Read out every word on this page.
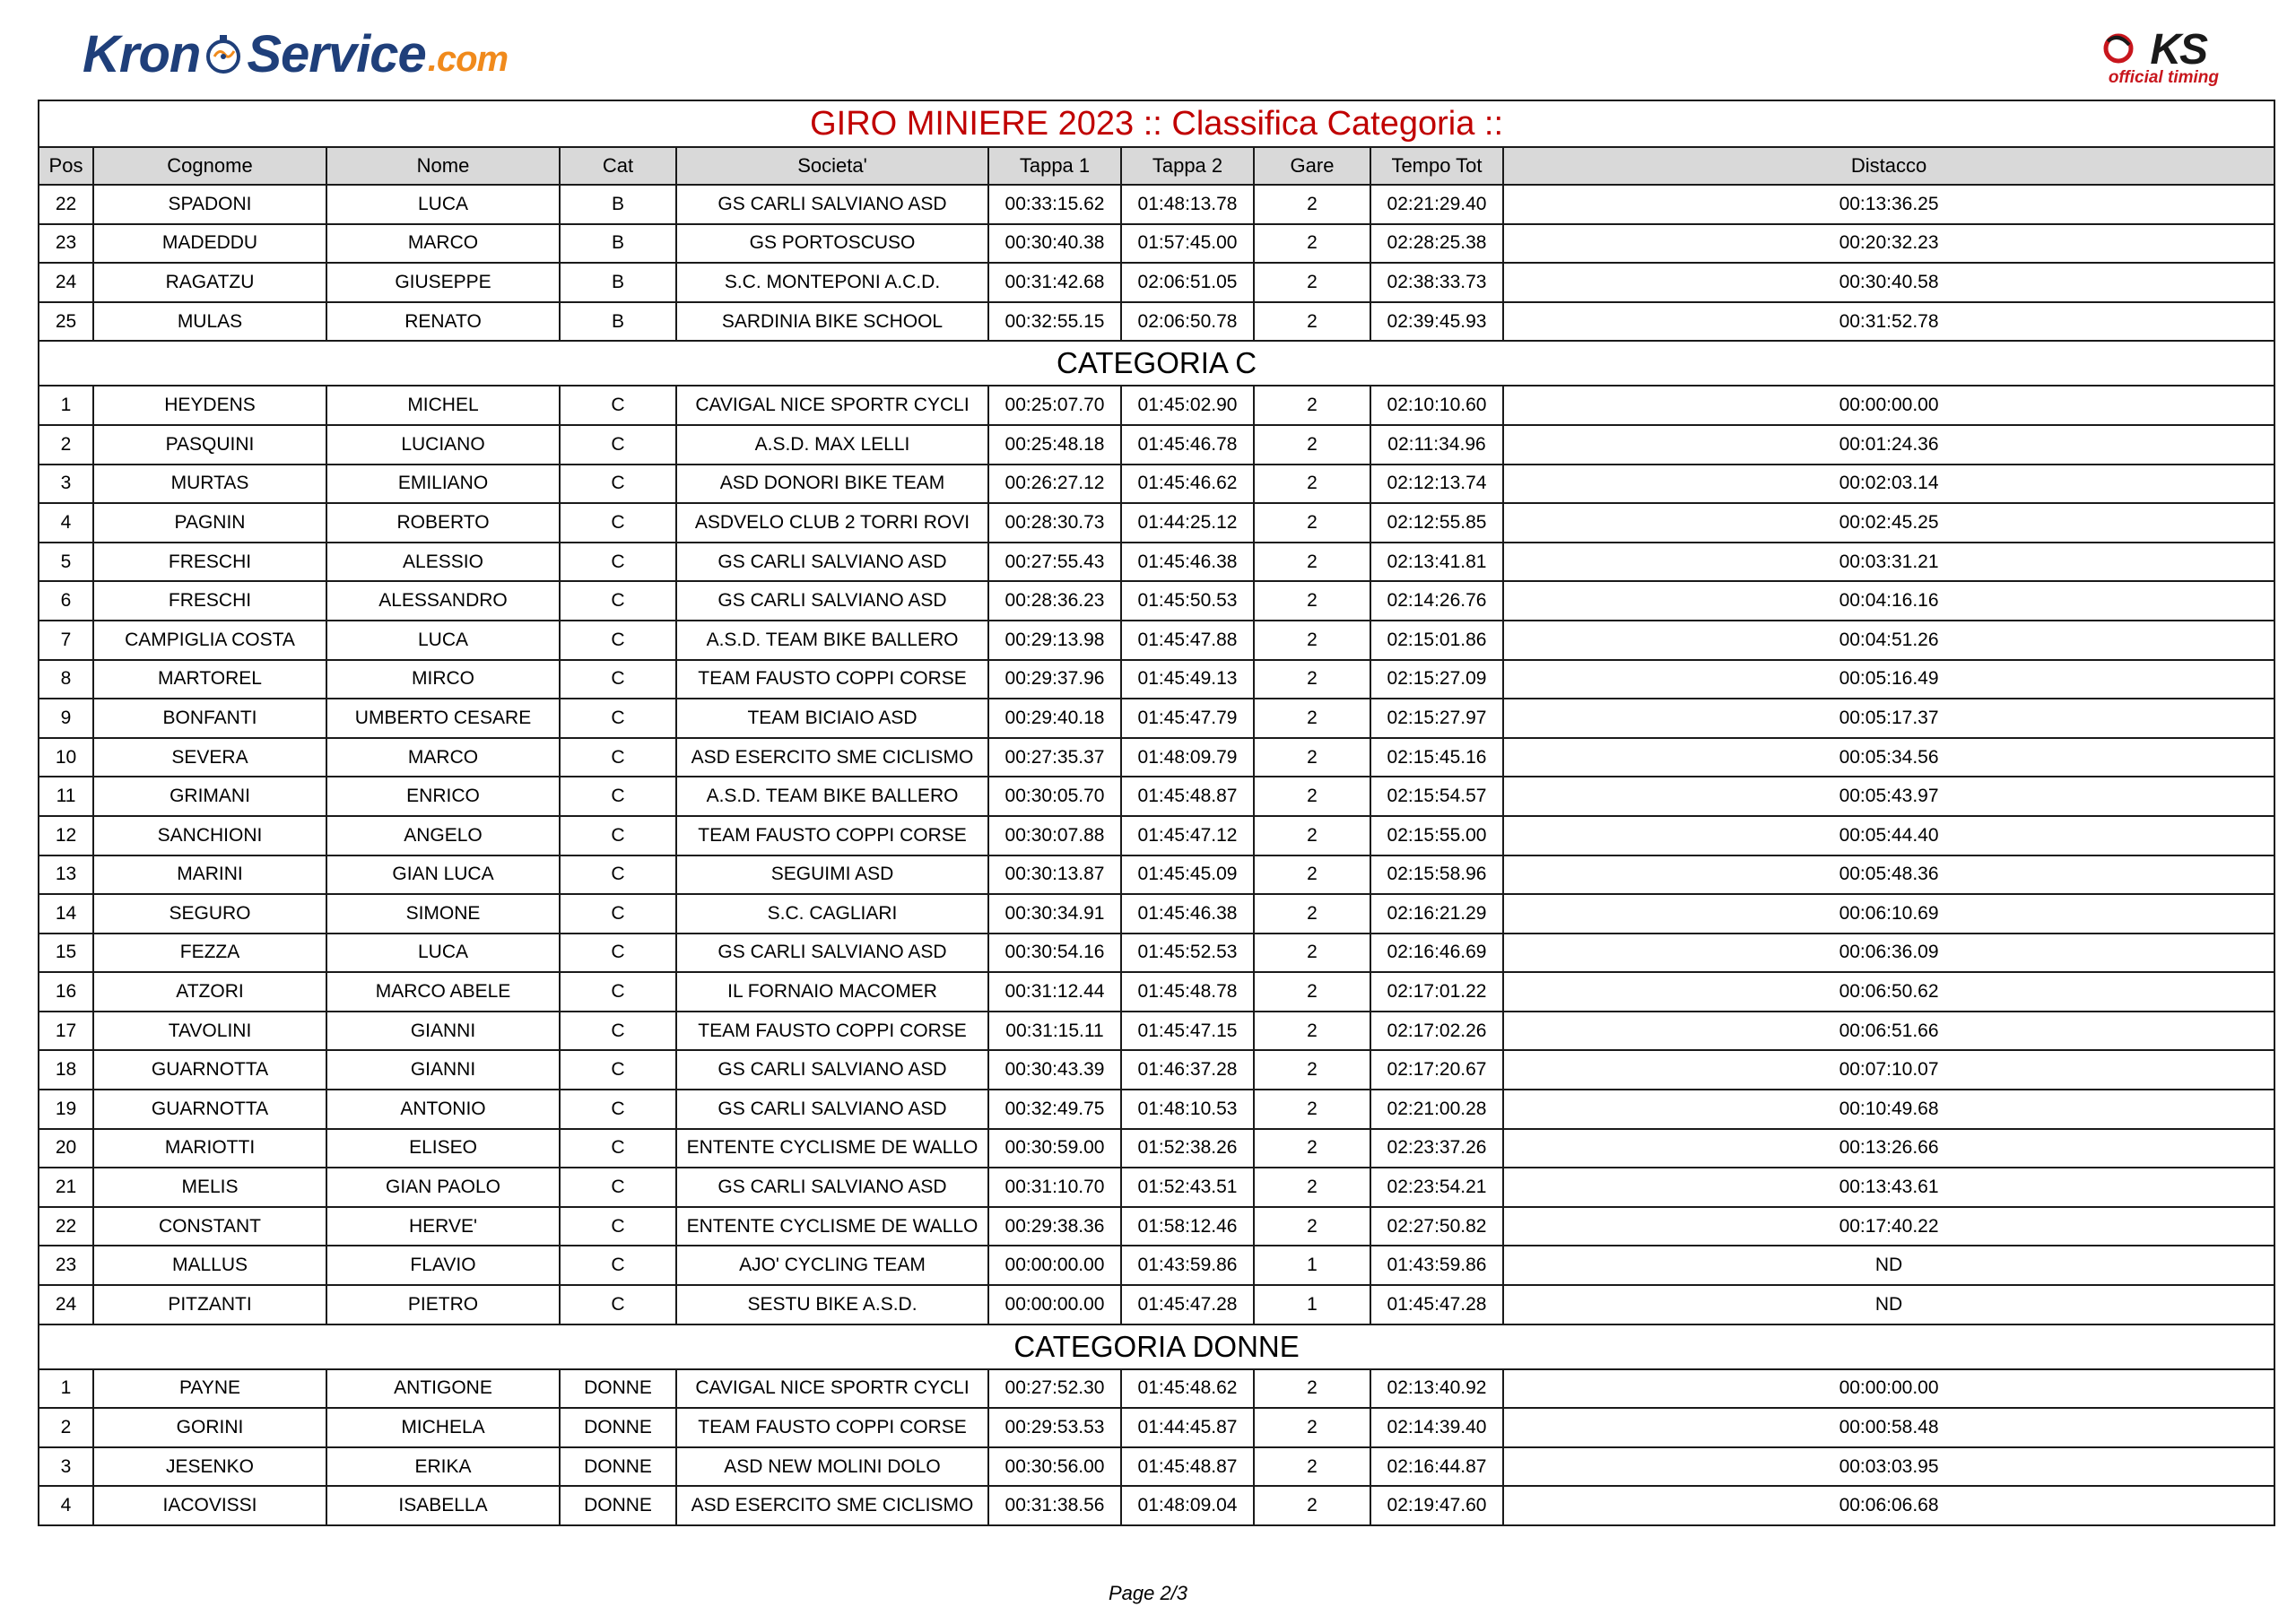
Kron Service .com	KS
official timing
GIRO MINIERE 2023 :: Classifica Categoria ::									
Pos	Cognome	Nome	Cat	Societa'	Tappa 1	Tappa 2	Gare	Tempo Tot	Distacco
22	SPADONI	LUCA	B	GS CARLI SALVIANO ASD	00:33:15.62	01:48:13.78	2	02:21:29.40	00:13:36.25
23	MADEDDU	MARCO	B	GS PORTOSCUSO	00:30:40.38	01:57:45.00	2	02:28:25.38	00:20:32.23
24	RAGATZU	GIUSEPPE	B	S.C. MONTEPONI A.C.D.	00:31:42.68	02:06:51.05	2	02:38:33.73	00:30:40.58
25	MULAS	RENATO	B	SARDINIA BIKE SCHOOL	00:32:55.15	02:06:50.78	2	02:39:45.93	00:31:52.78
CATEGORIA C									
1	HEYDENS	MICHEL	C	CAVIGAL NICE SPORTR CYCLI	00:25:07.70	01:45:02.90	2	02:10:10.60	00:00:00.00
2	PASQUINI	LUCIANO	C	A.S.D. MAX LELLI	00:25:48.18	01:45:46.78	2	02:11:34.96	00:01:24.36
3	MURTAS	EMILIANO	C	ASD DONORI BIKE TEAM	00:26:27.12	01:45:46.62	2	02:12:13.74	00:02:03.14
4	PAGNIN	ROBERTO	C	ASDVELO CLUB 2 TORRI ROVI	00:28:30.73	01:44:25.12	2	02:12:55.85	00:02:45.25
5	FRESCHI	ALESSIO	C	GS CARLI SALVIANO ASD	00:27:55.43	01:45:46.38	2	02:13:41.81	00:03:31.21
6	FRESCHI	ALESSANDRO	C	GS CARLI SALVIANO ASD	00:28:36.23	01:45:50.53	2	02:14:26.76	00:04:16.16
7	CAMPIGLIA COSTA	LUCA	C	A.S.D. TEAM BIKE BALLERO	00:29:13.98	01:45:47.88	2	02:15:01.86	00:04:51.26
8	MARTOREL	MIRCO	C	TEAM FAUSTO COPPI CORSE	00:29:37.96	01:45:49.13	2	02:15:27.09	00:05:16.49
9	BONFANTI	UMBERTO CESARE	C	TEAM BICIAIO ASD	00:29:40.18	01:45:47.79	2	02:15:27.97	00:05:17.37
10	SEVERA	MARCO	C	ASD ESERCITO SME CICLISMO	00:27:35.37	01:48:09.79	2	02:15:45.16	00:05:34.56
11	GRIMANI	ENRICO	C	A.S.D. TEAM BIKE BALLERO	00:30:05.70	01:45:48.87	2	02:15:54.57	00:05:43.97
12	SANCHIONI	ANGELO	C	TEAM FAUSTO COPPI CORSE	00:30:07.88	01:45:47.12	2	02:15:55.00	00:05:44.40
13	MARINI	GIAN LUCA	C	SEGUIMI ASD	00:30:13.87	01:45:45.09	2	02:15:58.96	00:05:48.36
14	SEGURO	SIMONE	C	S.C. CAGLIARI	00:30:34.91	01:45:46.38	2	02:16:21.29	00:06:10.69
15	FEZZA	LUCA	C	GS CARLI SALVIANO ASD	00:30:54.16	01:45:52.53	2	02:16:46.69	00:06:36.09
16	ATZORI	MARCO ABELE	C	IL FORNAIO MACOMER	00:31:12.44	01:45:48.78	2	02:17:01.22	00:06:50.62
17	TAVOLINI	GIANNI	C	TEAM FAUSTO COPPI CORSE	00:31:15.11	01:45:47.15	2	02:17:02.26	00:06:51.66
18	GUARNOTTA	GIANNI	C	GS CARLI SALVIANO ASD	00:30:43.39	01:46:37.28	2	02:17:20.67	00:07:10.07
19	GUARNOTTA	ANTONIO	C	GS CARLI SALVIANO ASD	00:32:49.75	01:48:10.53	2	02:21:00.28	00:10:49.68
20	MARIOTTI	ELISEO	C	ENTENTE CYCLISME DE WALLO	00:30:59.00	01:52:38.26	2	02:23:37.26	00:13:26.66
21	MELIS	GIAN PAOLO	C	GS CARLI SALVIANO ASD	00:31:10.70	01:52:43.51	2	02:23:54.21	00:13:43.61
22	CONSTANT	HERVE'	C	ENTENTE CYCLISME DE WALLO	00:29:38.36	01:58:12.46	2	02:27:50.82	00:17:40.22
23	MALLUS	FLAVIO	C	AJO' CYCLING TEAM	00:00:00.00	01:43:59.86	1	01:43:59.86	ND
24	PITZANTI	PIETRO	C	SESTU BIKE A.S.D.	00:00:00.00	01:45:47.28	1	01:45:47.28	ND
CATEGORIA DONNE									
1	PAYNE	ANTIGONE	DONNE	CAVIGAL NICE SPORTR CYCLI	00:27:52.30	01:45:48.62	2	02:13:40.92	00:00:00.00
2	GORINI	MICHELA	DONNE	TEAM FAUSTO COPPI CORSE	00:29:53.53	01:44:45.87	2	02:14:39.40	00:00:58.48
3	JESENKO	ERIKA	DONNE	ASD NEW MOLINI DOLO	00:30:56.00	01:45:48.87	2	02:16:44.87	00:03:03.95
4	IACOVISSI	ISABELLA	DONNE	ASD ESERCITO SME CICLISMO	00:31:38.56	01:48:09.04	2	02:19:47.60	00:06:06.68
Page 2/3
